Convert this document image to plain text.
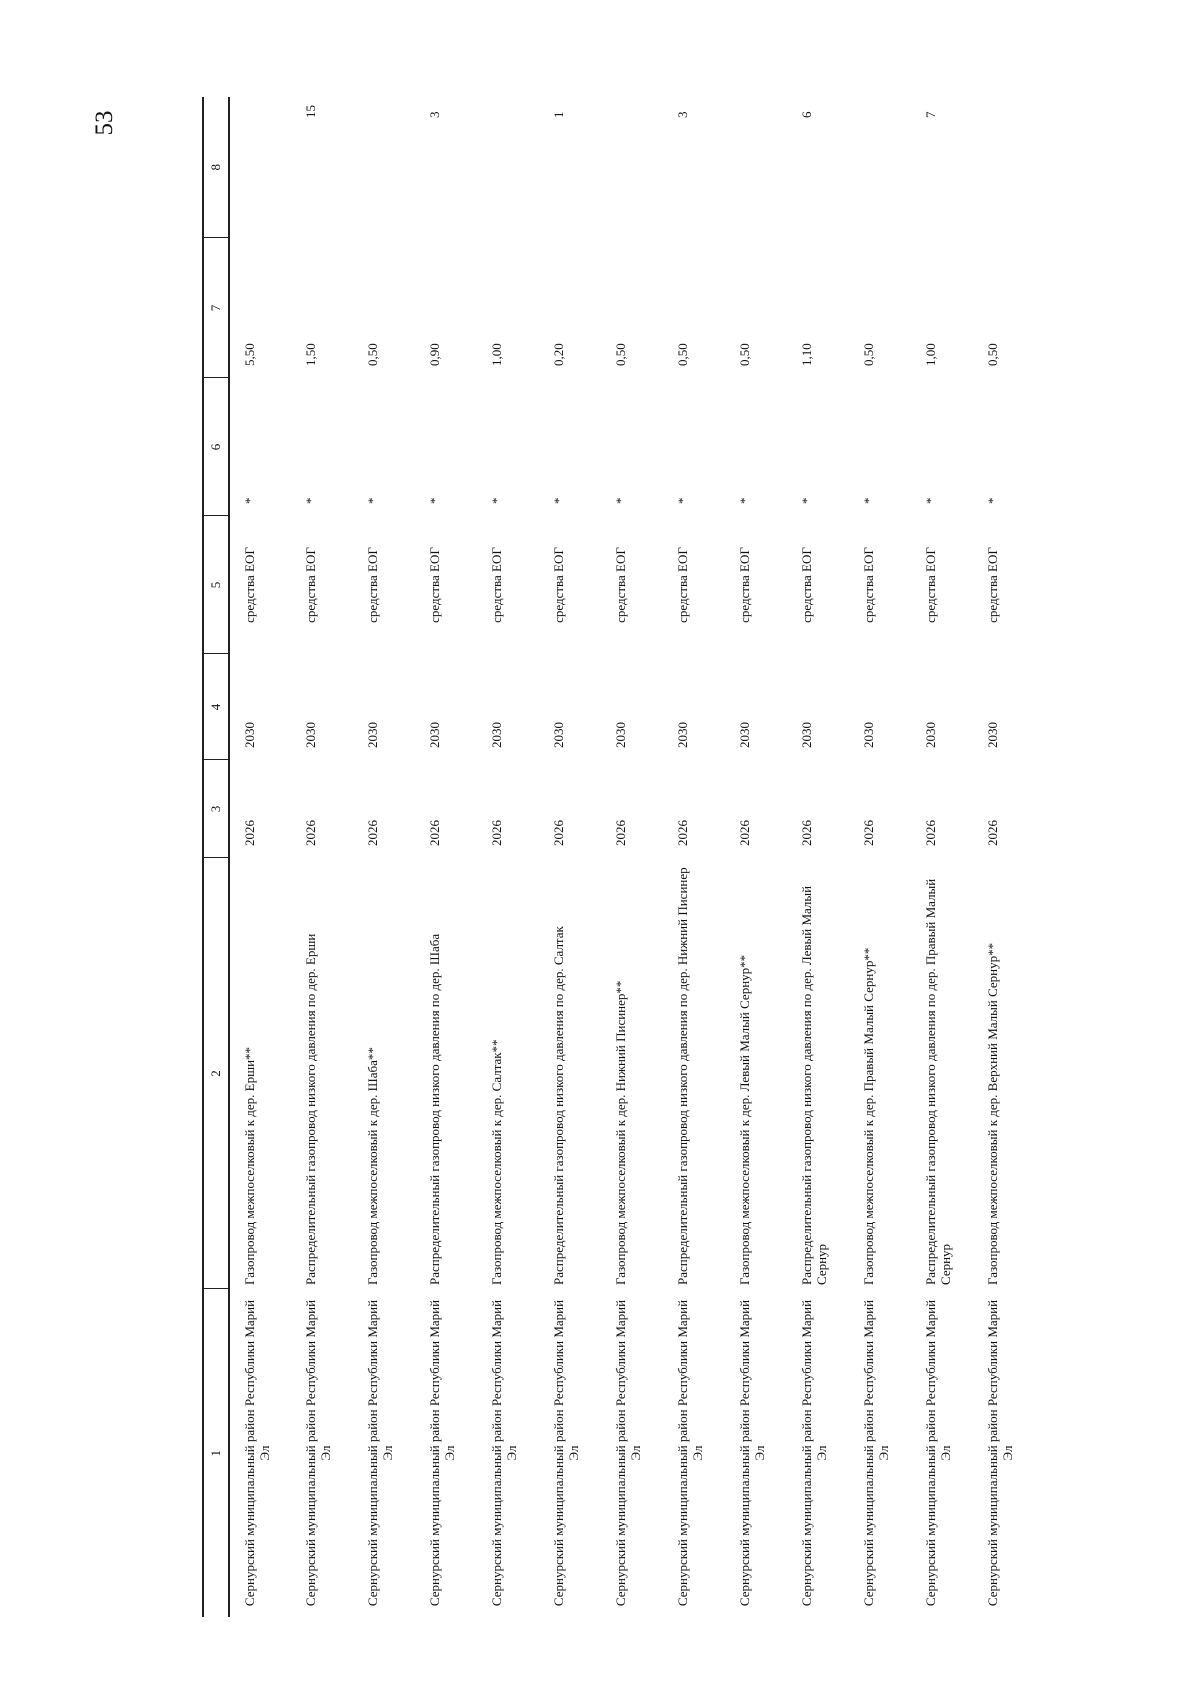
53
1	2	3	4	5	6	7	8
Сернурский муниципальный район Республики Марий Эл	Газопровод межпоселковый к дер. Ерши**	2026	2030	средства ЕОГ	*	5,50	
Сернурский муниципальный район Республики Марий Эл	Распределительный газопровод низкого давления по дер. Ерши	2026	2030	средства ЕОГ	*	1,50	15
Сернурский муниципальный район Республики Марий Эл	Газопровод межпоселковый к дер. Шаба**	2026	2030	средства ЕОГ	*	0,50	
Сернурский муниципальный район Республики Марий Эл	Распределительный газопровод низкого давления по дер. Шаба	2026	2030	средства ЕОГ	*	0,90	3
Сернурский муниципальный район Республики Марий Эл	Газопровод межпоселковый к дер. Салтак**	2026	2030	средства ЕОГ	*	1,00	
Сернурский муниципальный район Республики Марий Эл	Распределительный газопровод низкого давления по дер. Салтак	2026	2030	средства ЕОГ	*	0,20	1
Сернурский муниципальный район Республики Марий Эл	Газопровод межпоселковый к дер. Нижний Писинер**	2026	2030	средства ЕОГ	*	0,50	
Сернурский муниципальный район Республики Марий Эл	Распределительный газопровод низкого давления по дер. Нижний Писинер	2026	2030	средства ЕОГ	*	0,50	3
Сернурский муниципальный район Республики Марий Эл	Газопровод межпоселковый к дер. Левый Малый Сернур**	2026	2030	средства ЕОГ	*	0,50	
Сернурский муниципальный район Республики Марий Эл	Распределительный газопровод низкого давления по дер. Левый Малый Сернур	2026	2030	средства ЕОГ	*	1,10	6
Сернурский муниципальный район Республики Марий Эл	Газопровод межпоселковый к дер. Правый Малый Сернур**	2026	2030	средства ЕОГ	*	0,50	
Сернурский муниципальный район Республики Марий Эл	Распределительный газопровод низкого давления по дер. Правый Малый Сернур	2026	2030	средства ЕОГ	*	1,00	7
Сернурский муниципальный район Республики Марий Эл	Газопровод межпоселковый к дер. Верхний Малый Сернур**	2026	2030	средства ЕОГ	*	0,50	
